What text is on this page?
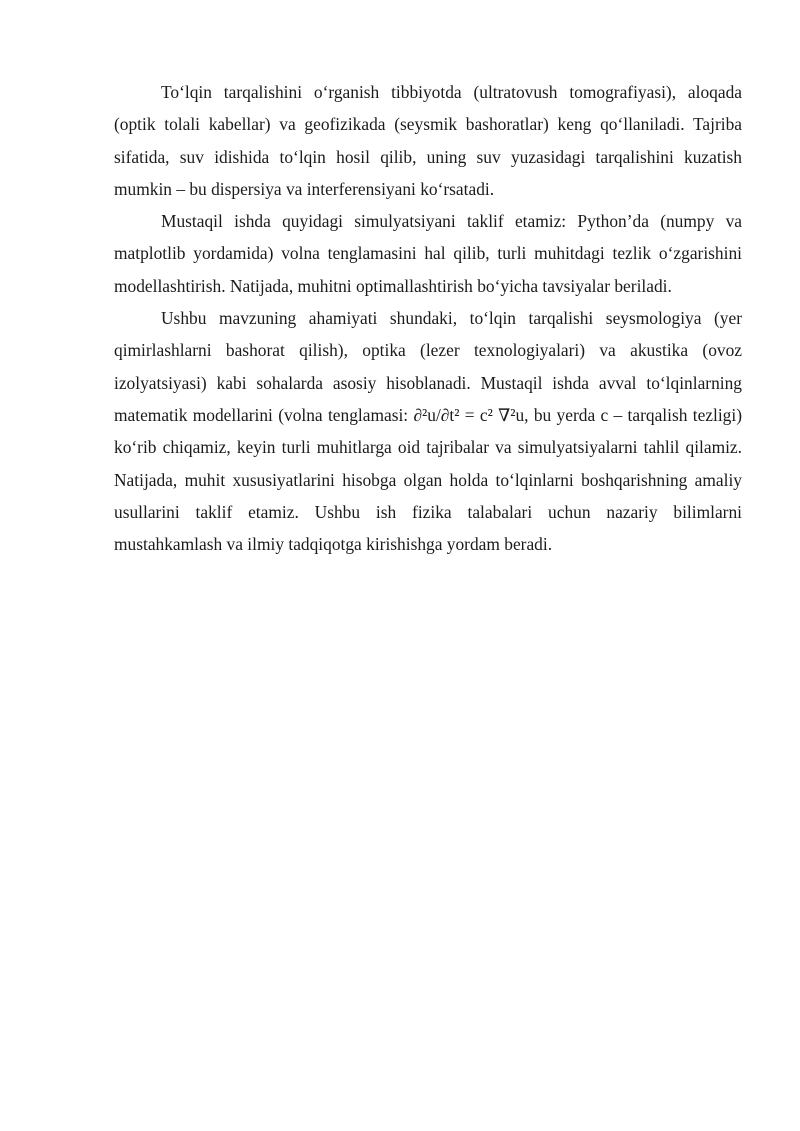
To‘lqin tarqalishini o‘rganish tibbiyotda (ultratovush tomografiyasi), aloqada (optik tolali kabellar) va geofizikada (seysmik bashoratlar) keng qo‘llaniladi. Tajriba sifatida, suv idishida to‘lqin hosil qilib, uning suv yuzasidagi tarqalishini kuzatish mumkin – bu dispersiya va interferensiyani ko‘rsatadi.

Mustaqil ishda quyidagi simulyatsiyani taklif etamiz: Python’da (numpy va matplotlib yordamida) volna tenglamasini hal qilib, turli muhitdagi tezlik o‘zgarishini modellashtirish. Natijada, muhitni optimallashtirish bo‘yicha tavsiyalar beriladi.

Ushbu mavzuning ahamiyati shundaki, to‘lqin tarqalishi seysmologiya (yer qimirlashlarni bashorat qilish), optika (lezer texnologiyalari) va akustika (ovoz izolyatsiyasi) kabi sohalarda asosiy hisoblanadi. Mustaqil ishda avval to‘lqinlarning matematik modellarini (volna tenglamasi: ∂²u/∂t² = c² ∇²u, bu yerda c – tarqalish tezligi) ko‘rib chiqamiz, keyin turli muhitlarga oid tajribalar va simulyatsiyalarni tahlil qilamiz. Natijada, muhit xususiyatlarini hisobga olgan holda to‘lqinlarni boshqarishning amaliy usullarini taklif etamiz. Ushbu ish fizika talabalari uchun nazariy bilimlarni mustahkamlash va ilmiy tadqiqotga kirishishga yordam beradi.
